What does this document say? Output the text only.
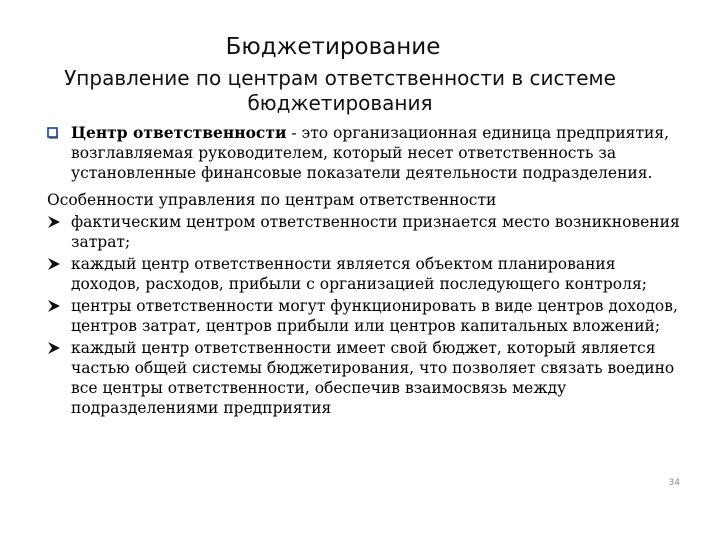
Бюджетирование
Управление по центрам ответственности в системе бюджетирования
Центр ответственности - это организационная единица предприятия, возглавляемая руководителем, который несет ответственность за установленные финансовые показатели деятельности подразделения.
Особенности управления по центрам ответственности
фактическим центром ответственности признается место возникновения затрат;
каждый центр ответственности является объектом планирования доходов, расходов, прибыли с организацией последующего контроля;
центры ответственности могут функционировать в виде центров доходов, центров затрат, центров прибыли или центров капитальных вложений;
каждый центр ответственности имеет свой бюджет, который является частью общей системы бюджетирования, что позволяет связать воедино все центры ответственности, обеспечив взаимосвязь между подразделениями предприятия
34
